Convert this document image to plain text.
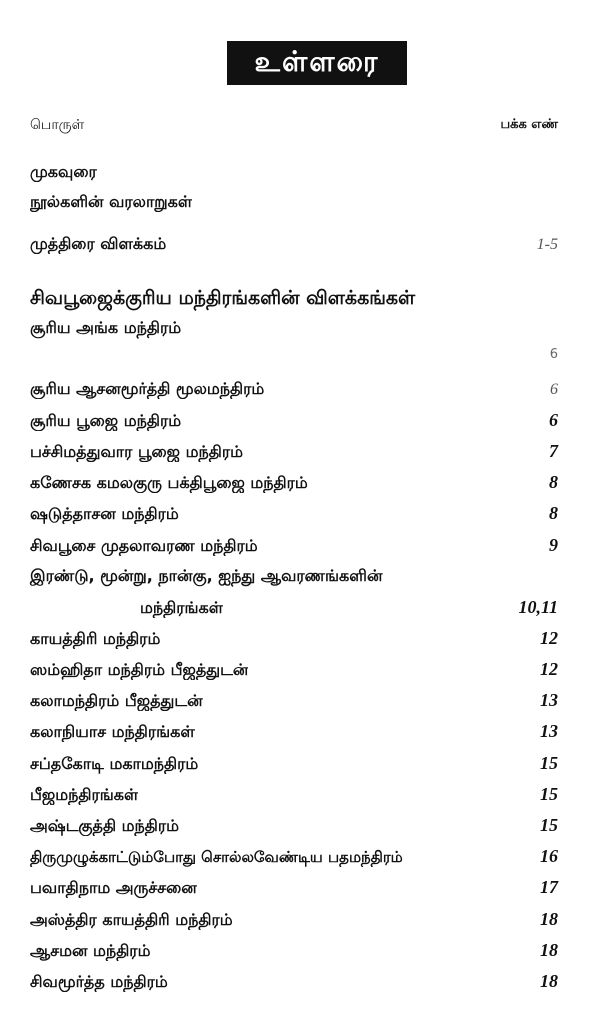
உள்ளரை
பொருள்	பக்க எண்
முகவுரை
நூல்களின் வரலாறுகள்
முத்திரை விளக்கம்	1-5
சிவபூஜைக்குரிய மந்திரங்களின் விளக்கங்கள்
சூரிய அங்க மந்திரம்
6
சூரிய ஆசனமூர்த்தி மூலமந்திரம்	6
சூரிய பூஜை மந்திரம்	6
பச்சிமத்துவார பூஜை மந்திரம்	7
கணேசக கமலகுரு பக்திபூஜை மந்திரம்	8
ஷடுத்தாசன மந்திரம்	8
சிவபூசை முதலாவரண மந்திரம்	9
இரண்டு, மூன்று, நான்கு, ஐந்து ஆவரணங்களின்
மந்திரங்கள்	10,11
காயத்திரி மந்திரம்	12
ஸம்ஹிதா மந்திரம் பீஜத்துடன்	12
கலாமந்திரம் பீஜத்துடன்	13
கலாநியாச மந்திரங்கள்	13
சப்தகோடி மகாமந்திரம்	15
பீஜமந்திரங்கள்	15
அஷ்டகுத்தி மந்திரம்	15
திருமுழுக்காட்டும்போது சொல்லவேண்டிய பதமந்திரம்	16
பவாதிநாம அருச்சனை	17
அஸ்த்திர காயத்திரி மந்திரம்	18
ஆசமன மந்திரம்	18
சிவமூர்த்த மந்திரம்	18
